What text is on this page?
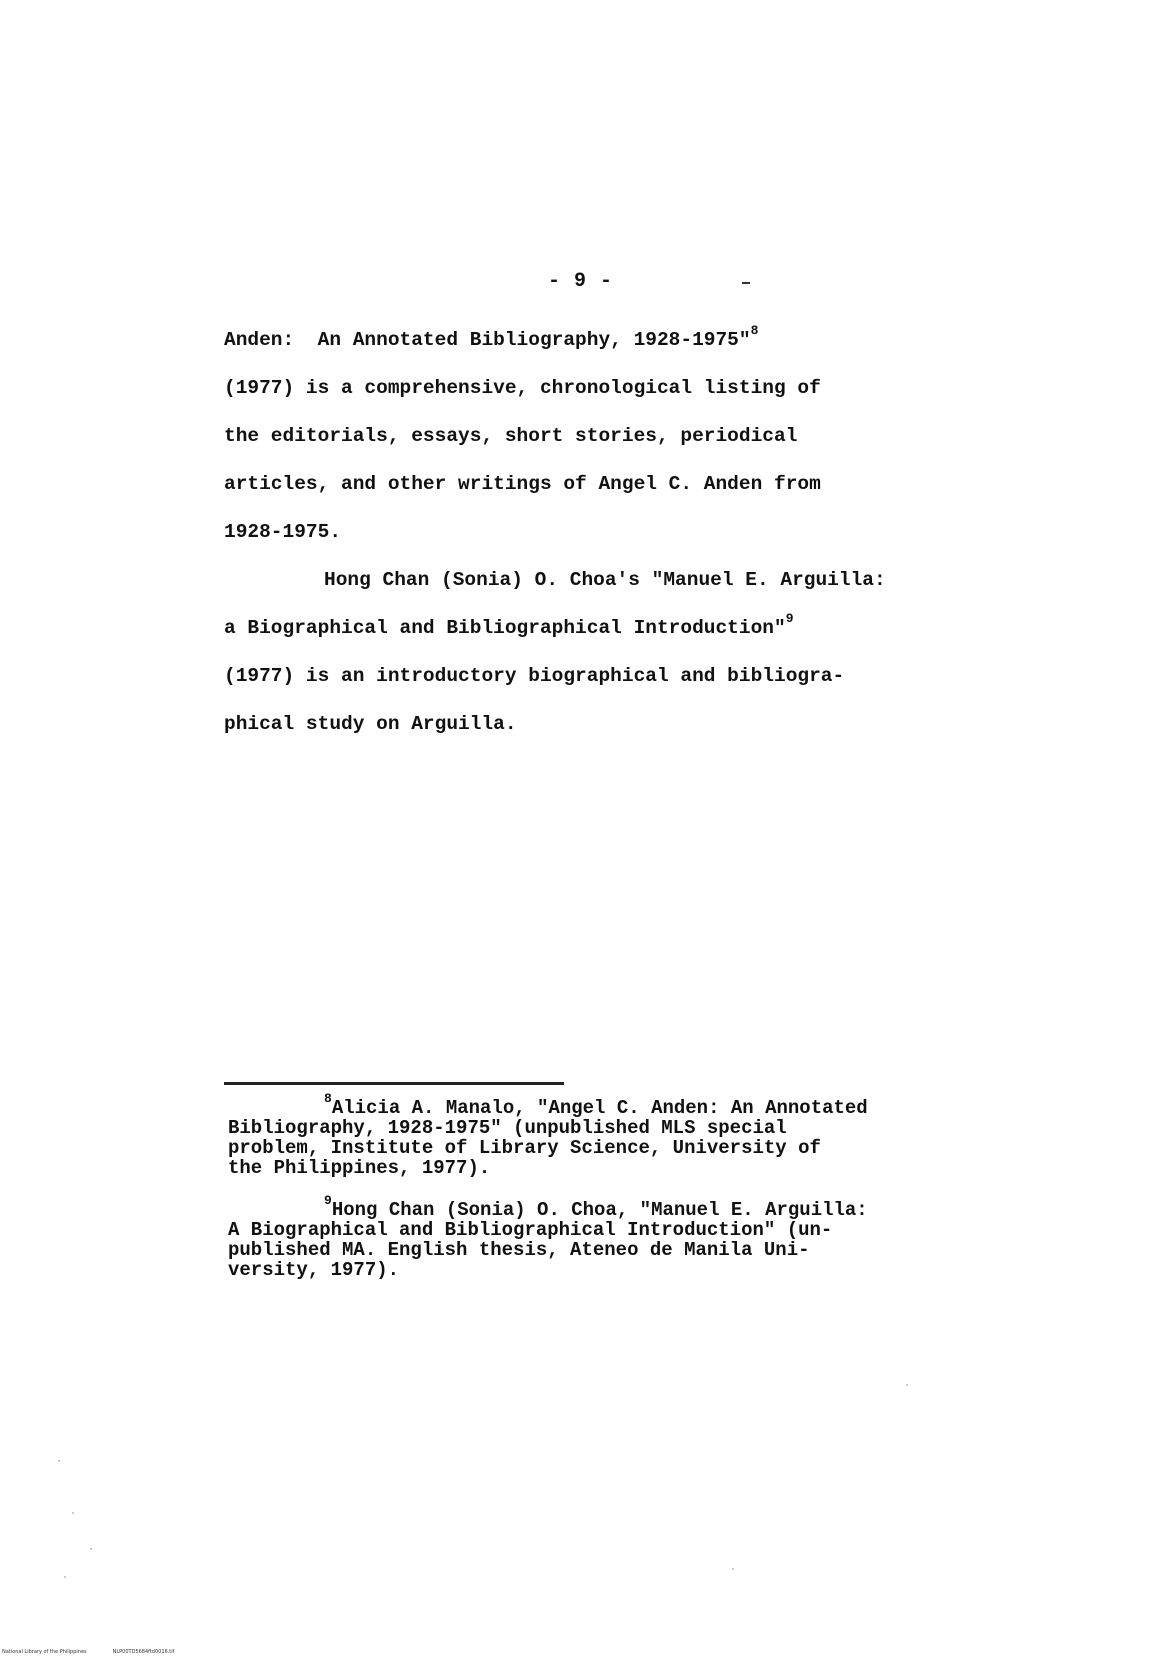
- 9 -
Anden:  An Annotated Bibliography, 1928-1975"$^8$
(1977) is a comprehensive, chronological listing of
the editorials, essays, short stories, periodical
articles, and other writings of Angel C. Anden from
1928-1975.
Hong Chan (Sonia) O. Choa's "Manuel E. Arguilla:
a Biographical and Bibliographical Introduction"$^9$
(1977) is an introductory biographical and bibliogra-
phical study on Arguilla.
$^8$Alicia A. Manalo, "Angel C. Anden: An Annotated
Bibliography, 1928-1975" (unpublished MLS special
problem, Institute of Library Science, University of
the Philippines, 1977).
$^9$Hong Chan (Sonia) O. Choa, "Manuel E. Arguilla:
A Biographical and Bibliographical Introduction" (un-
published MA. English thesis, Ateneo de Manila Uni-
versity, 1977).
National Library of the Philippines	NLP00TD5684ftd0016.tif
